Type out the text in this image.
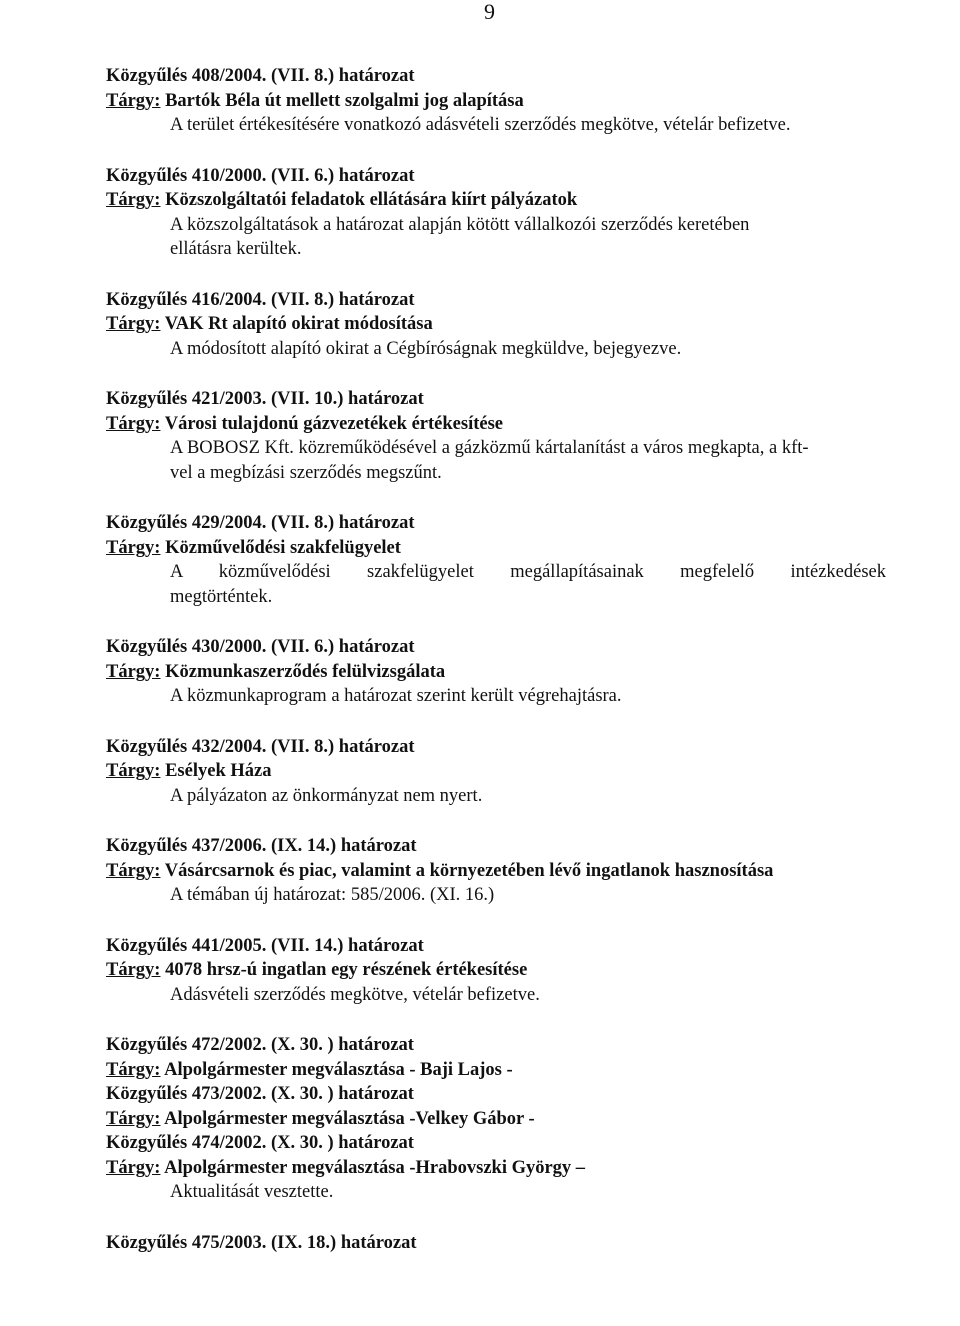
9
Közgyűlés 408/2004. (VII. 8.) határozat
Tárgy: Bartók Béla út mellett szolgalmi jog alapítása
A terület értékesítésére vonatkozó adásvételi szerződés megkötve, vételár befizetve.
Közgyűlés 410/2000. (VII. 6.) határozat
Tárgy: Közszolgáltatói feladatok ellátására kiírt pályázatok
A közszolgáltatások a határozat alapján kötött vállalkozói szerződés keretében
ellátásra kerültek.
Közgyűlés 416/2004. (VII. 8.) határozat
Tárgy: VAK Rt alapító okirat módosítása
A módosított alapító okirat a Cégbíróságnak megküldve, bejegyezve.
Közgyűlés 421/2003. (VII. 10.) határozat
Tárgy: Városi tulajdonú gázvezetékek értékesítése
A BOBOSZ Kft. közreműködésével a gázközmű kártalanítást a város megkapta, a kft-
vel a megbízási szerződés megszűnt.
Közgyűlés 429/2004. (VII. 8.) határozat
Tárgy: Közművelődési szakfelügyelet
A közművelődési szakfelügyelet megállapításainak megfelelő intézkedések
megtörténtek.
Közgyűlés 430/2000. (VII. 6.) határozat
Tárgy: Közmunkaszerződés felülvizsgálata
A közmunkaprogram a határozat szerint került végrehajtásra.
Közgyűlés 432/2004. (VII. 8.) határozat
Tárgy: Esélyek Háza
A pályázaton az önkormányzat nem nyert.
Közgyűlés 437/2006. (IX. 14.) határozat
Tárgy: Vásárcsarnok és piac, valamint a környezetében lévő ingatlanok hasznosítása
A témában új határozat: 585/2006. (XI. 16.)
Közgyűlés 441/2005. (VII. 14.) határozat
Tárgy: 4078 hrsz-ú ingatlan egy részének értékesítése
Adásvételi szerződés megkötve, vételár befizetve.
Közgyűlés 472/2002. (X. 30. ) határozat
Tárgy: Alpolgármester megválasztása - Baji Lajos -
Közgyűlés 473/2002. (X. 30. ) határozat
Tárgy: Alpolgármester megválasztása -Velkey Gábor -
Közgyűlés 474/2002. (X. 30. ) határozat
Tárgy: Alpolgármester megválasztása -Hrabovszki György –
Aktualitását vesztette.
Közgyűlés 475/2003. (IX. 18.) határozat
